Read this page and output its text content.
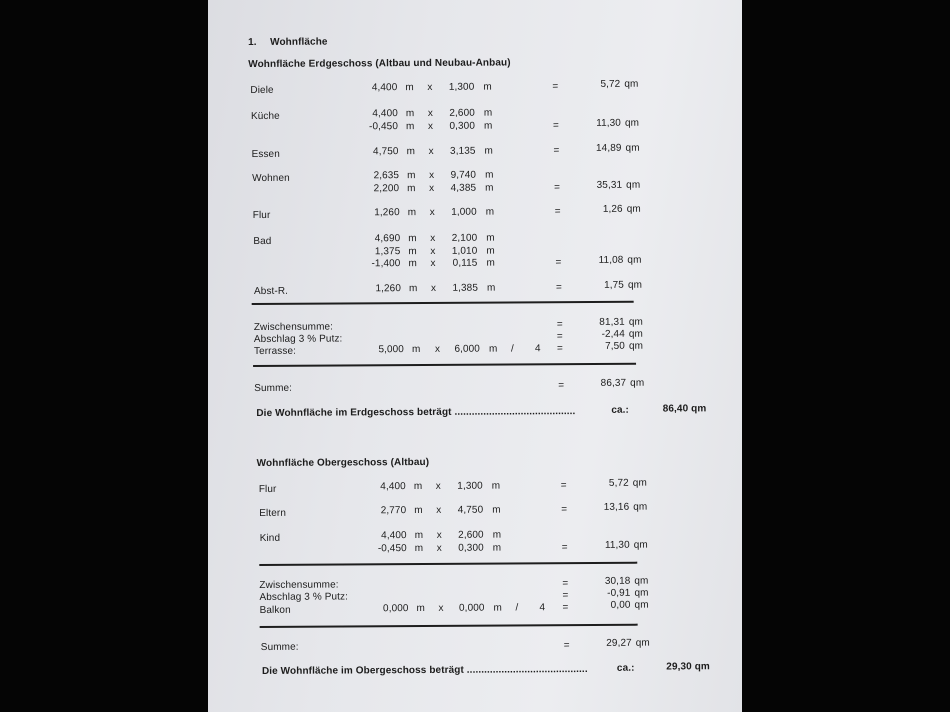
1. Wohnfläche
Wohnfläche Erdgeschoss (Altbau und Neubau-Anbau)
Diele	4,400 m x	1,300 m	=	5,72 qm
Küche	4,400 m x	2,600 m
-0,450 m x	0,300 m	=	11,30 qm
Essen	4,750 m x	3,135 m	=	14,89 qm
Wohnen	2,635 m x	9,740 m
2,200 m x	4,385 m	=	35,31 qm
Flur	1,260 m x	1,000 m	=	1,26 qm
Bad	4,690 m x	2,100 m
1,375 m x	1,010 m
-1,400 m x	0,115 m	=	11,08 qm
Abst-R.	1,260 m x	1,385 m	=	1,75 qm
Zwischensumme:	=	81,31 qm
Abschlag 3 % Putz:	=	-2,44 qm
Terrasse:	5,000 m x	6,000 m / 4 =	7,50 qm
Summe:	=	86,37 qm
Die Wohnfläche im Erdgeschoss beträgt ..........................................	ca.:	86,40 qm
Wohnfläche Obergeschoss (Altbau)
Flur	4,400 m x	1,300 m	=	5,72 qm
Eltern	2,770 m x	4,750 m	=	13,16 qm
Kind	4,400 m x	2,600 m
-0,450 m x	0,300 m	=	11,30 qm
Zwischensumme:	=	30,18 qm
Abschlag 3 % Putz:	=	-0,91 qm
Balkon	0,000 m x	0,000 m / 4 =	0,00 qm
Summe:	=	29,27 qm
Die Wohnfläche im Obergeschoss beträgt ..........................................	ca.:	29,30 qm
